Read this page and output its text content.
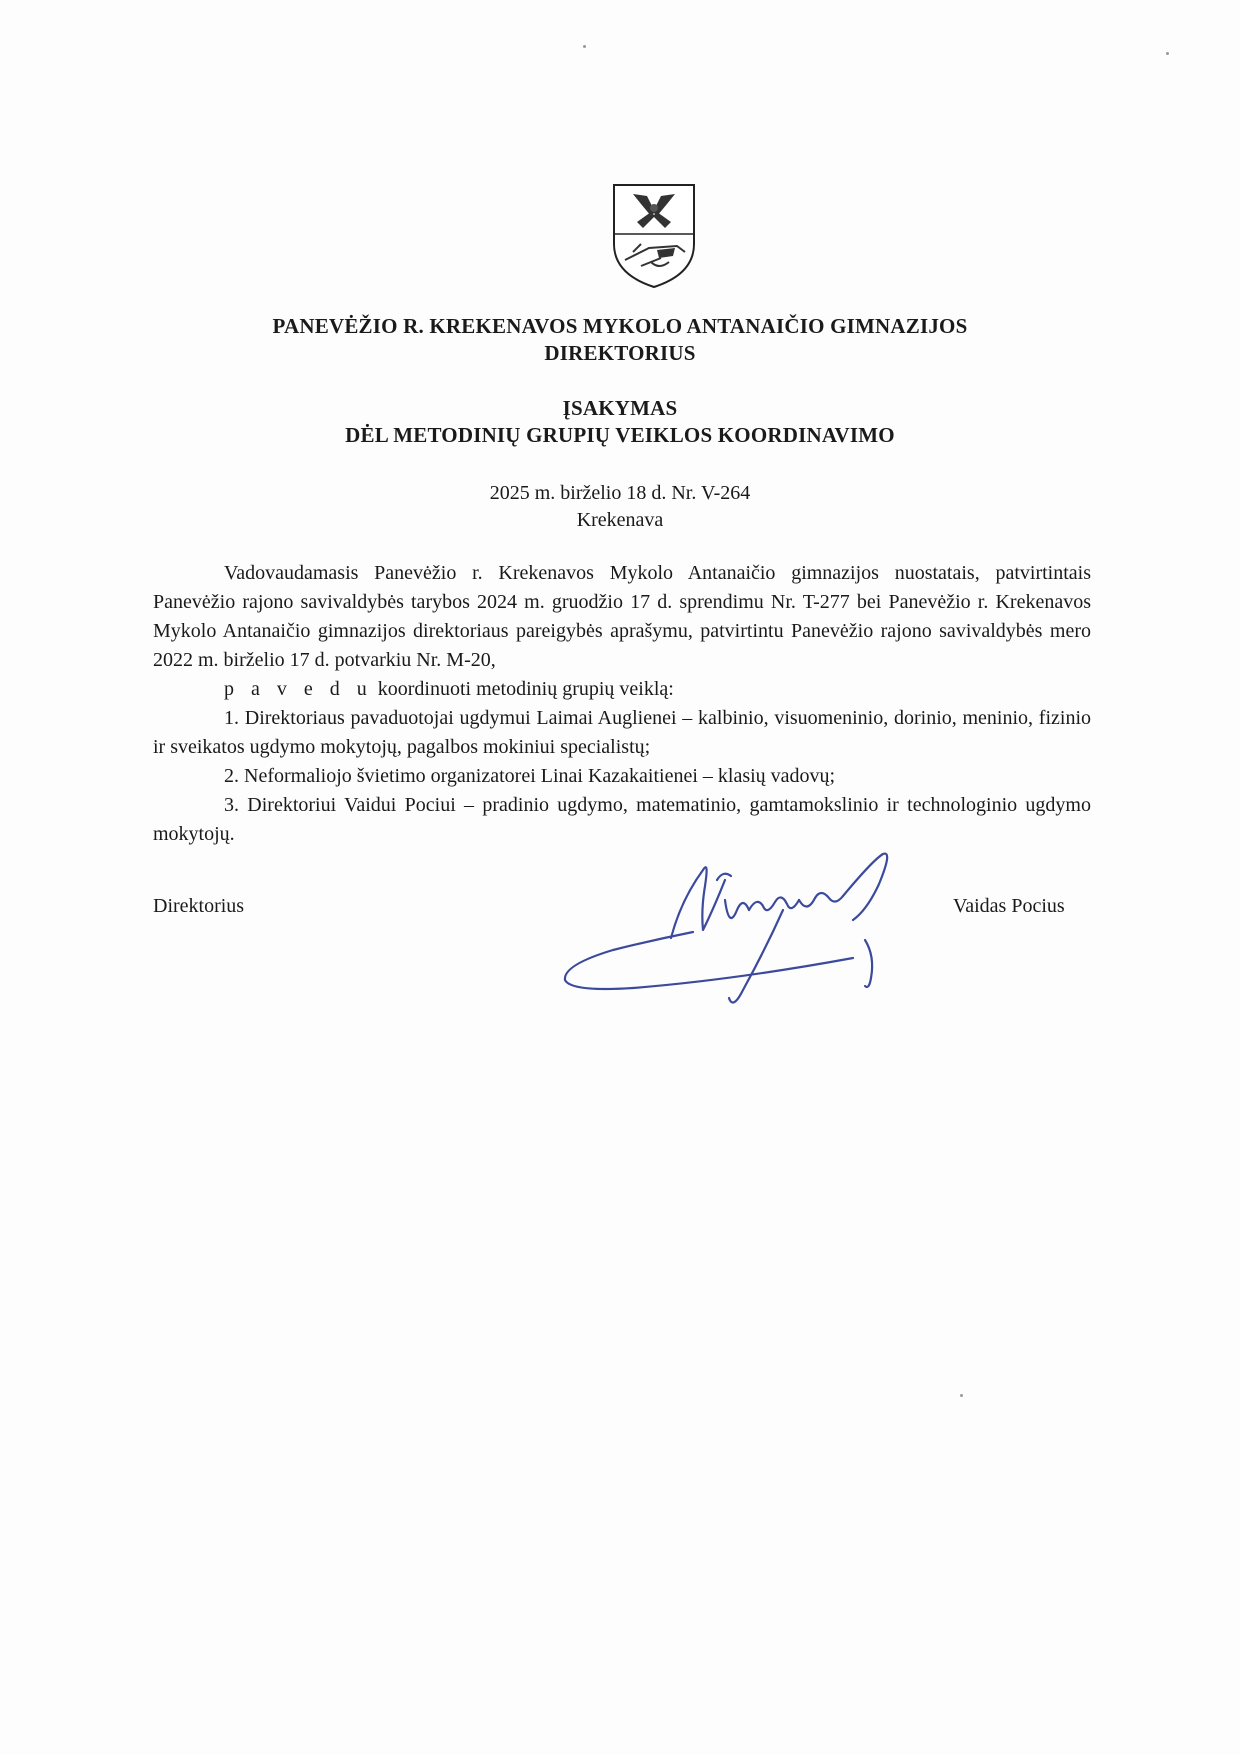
PANEVĖŽIO R. KREKENAVOS MYKOLO ANTANAIČIO GIMNAZIJOS
DIREKTORIUS
ĮSAKYMAS
DĖL METODINIŲ GRUPIŲ VEIKLOS KOORDINAVIMO
2025 m. birželio 18 d. Nr. V-264
Krekenava

Vadovaudamasis Panevėžio r. Krekenavos Mykolo Antanaičio gimnazijos nuostatais, patvirtintais Panevėžio rajono savivaldybės tarybos 2024 m. gruodžio 17 d. sprendimu Nr. T-277 bei Panevėžio r. Krekenavos Mykolo Antanaičio gimnazijos direktoriaus pareigybės aprašymu, patvirtintu Panevėžio rajono savivaldybės mero 2022 m. birželio 17 d. potvarkiu Nr. M-20,

p a v e d u koordinuoti metodinių grupių veiklą:

1. Direktoriaus pavaduotojai ugdymui Laimai Auglienei – kalbinio, visuomeninio, dorinio, meninio, fizinio ir sveikatos ugdymo mokytojų, pagalbos mokiniui specialistų;

2. Neformaliojo švietimo organizatorei Linai Kazakaitienei – klasių vadovų;

3. Direktoriui Vaidui Pociui – pradinio ugdymo, matematinio, gamtamokslinio ir technologinio ugdymo mokytojų.

Direktorius	Vaidas Pocius
